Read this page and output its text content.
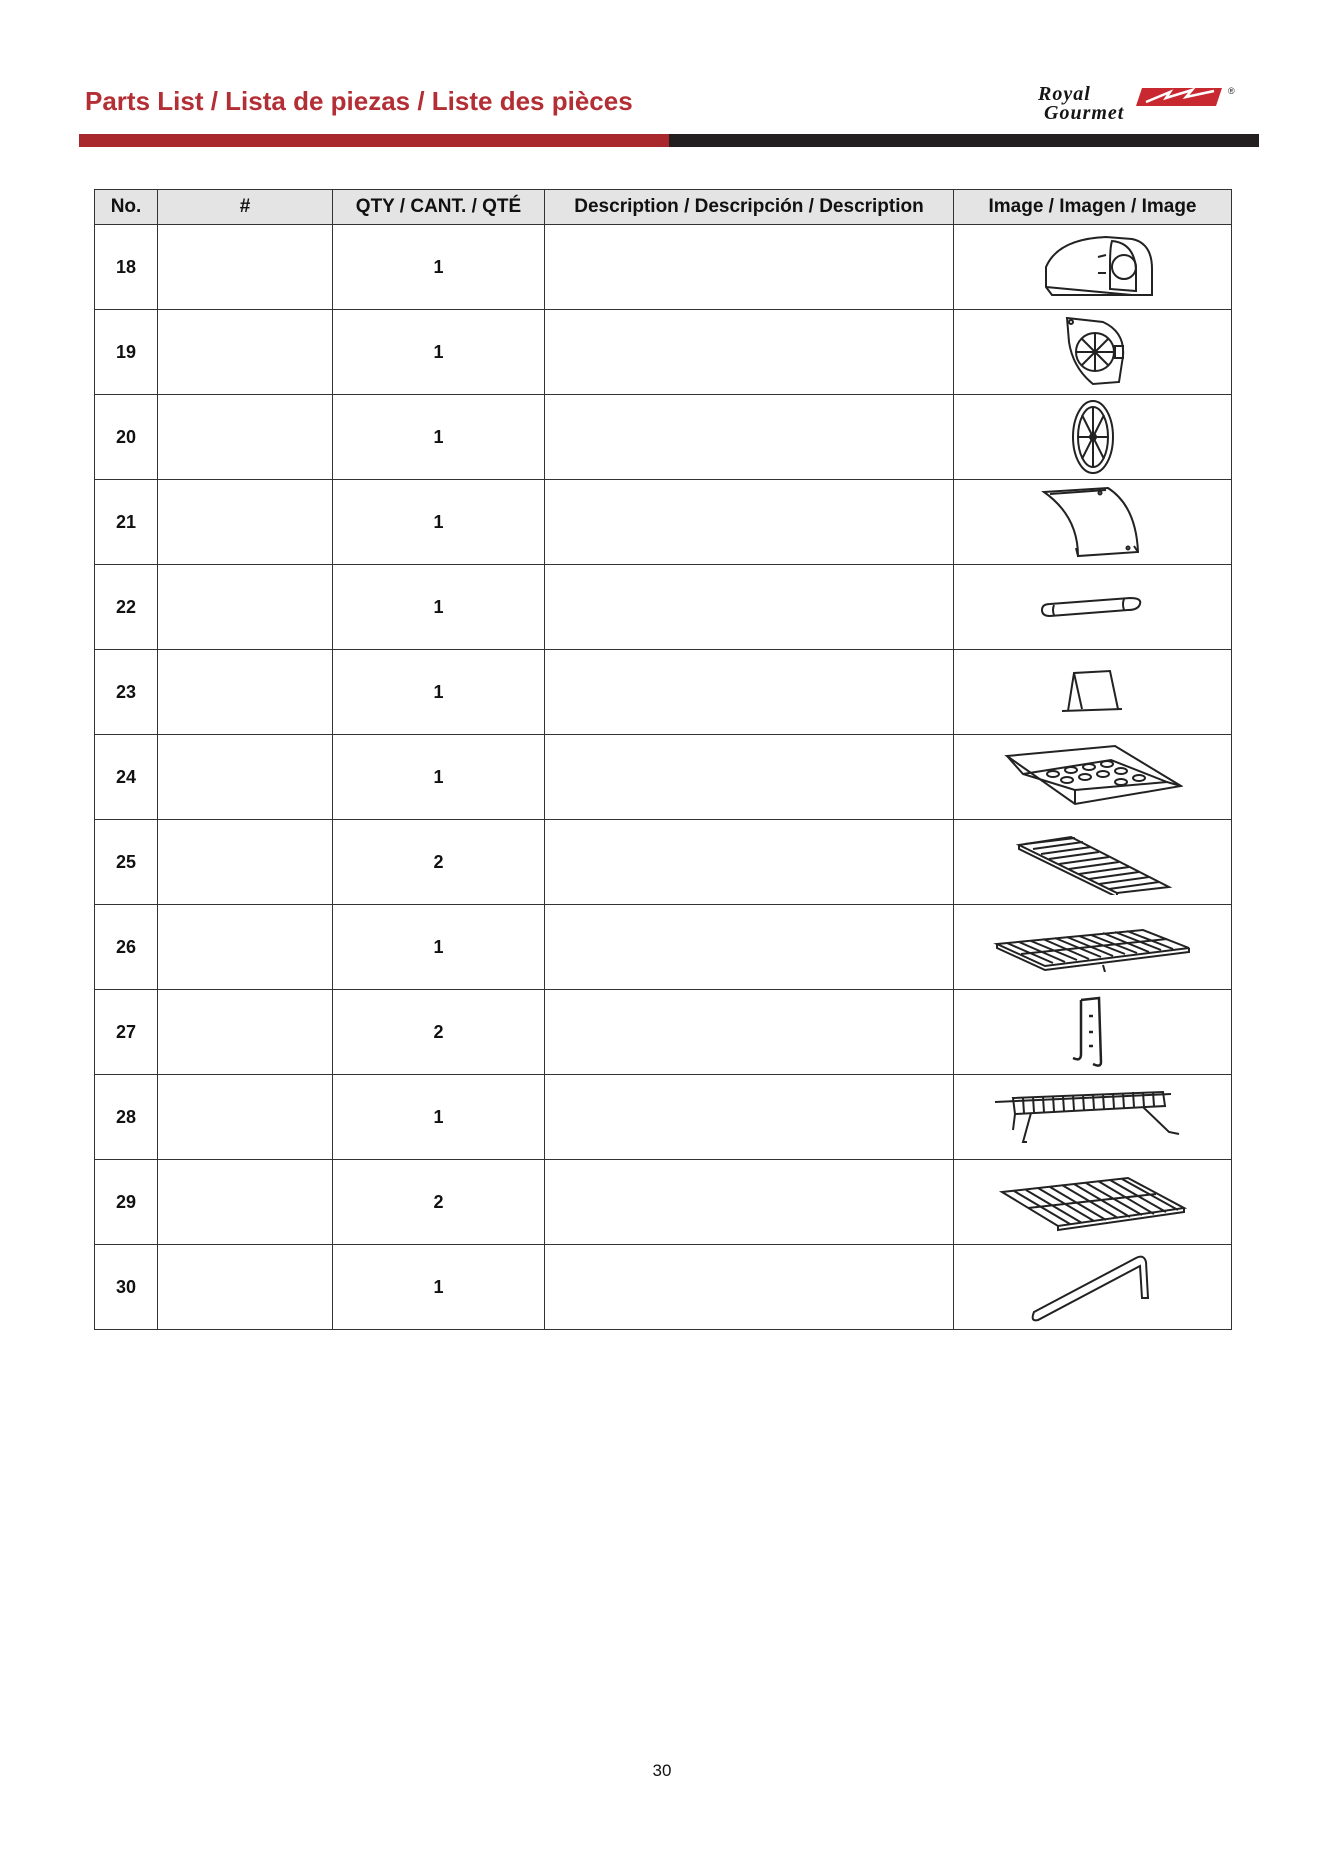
Parts List / Lista de piezas / Liste des pièces	Royal
Gourmet
®
No.	#	QTY / CANT. / QTÉ	Description / Descripción / Description	Image / Imagen / Image
18		1		

19		1		

20		1		

21		1		

22		1		

23		1		

24		1		

25		2		

26		1		

27		2		

28		1		

29		2		

30		1		
30
